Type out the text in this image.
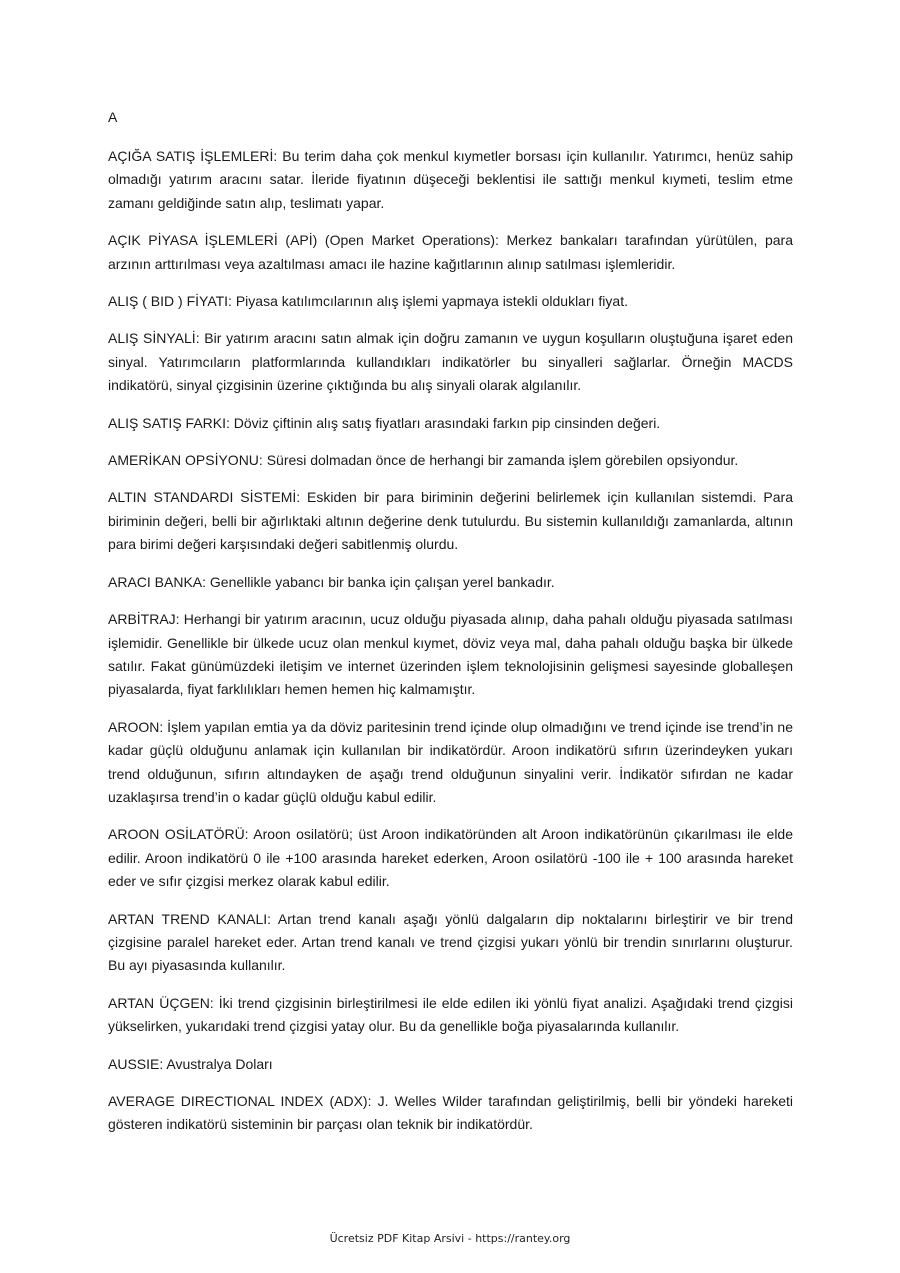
A

AÇIĞA SATIŞ İŞLEMLERİ: Bu terim daha çok menkul kıymetler borsası için kullanılır. Yatırımcı, henüz sahip olmadığı yatırım aracını satar. İleride fiyatının düşeceği beklentisi ile sattığı menkul kıymeti, teslim etme zamanı geldiğinde satın alıp, teslimatı yapar.

AÇIK PİYASA İŞLEMLERİ (APİ) (Open Market Operations): Merkez bankaları tarafından yürütülen, para arzının arttırılması veya azaltılması amacı ile hazine kağıtlarının alınıp satılması işlemleridir.

ALIŞ ( BID ) FİYATI: Piyasa katılımcılarının alış işlemi yapmaya istekli oldukları fiyat.

ALIŞ SİNYALİ: Bir yatırım aracını satın almak için doğru zamanın ve uygun koşulların oluştuğuna işaret eden sinyal. Yatırımcıların platformlarında kullandıkları indikatörler bu sinyalleri sağlarlar. Örneğin MACDS indikatörü, sinyal çizgisinin üzerine çıktığında bu alış sinyali olarak algılanılır.

ALIŞ SATIŞ FARKI: Döviz çiftinin alış satış fiyatları arasındaki farkın pip cinsinden değeri.

AMERİKAN OPSİYONU: Süresi dolmadan önce de herhangi bir zamanda işlem görebilen opsiyondur.

ALTIN STANDARDI SİSTEMİ: Eskiden bir para biriminin değerini belirlemek için kullanılan sistemdi. Para biriminin değeri, belli bir ağırlıktaki altının değerine denk tutulurdu. Bu sistemin kullanıldığı zamanlarda, altının para birimi değeri karşısındaki değeri sabitlenmiş olurdu.

ARACI BANKA: Genellikle yabancı bir banka için çalışan yerel bankadır.

ARBİTRAJ: Herhangi bir yatırım aracının, ucuz olduğu piyasada alınıp, daha pahalı olduğu piyasada satılması işlemidir. Genellikle bir ülkede ucuz olan menkul kıymet, döviz veya mal, daha pahalı olduğu başka bir ülkede satılır. Fakat günümüzdeki iletişim ve internet üzerinden işlem teknolojisinin gelişmesi sayesinde globalleşen piyasalarda, fiyat farklılıkları hemen hemen hiç kalmamıştır.

AROON: İşlem yapılan emtia ya da döviz paritesinin trend içinde olup olmadığını ve trend içinde ise trend’in ne kadar güçlü olduğunu anlamak için kullanılan bir indikatördür. Aroon indikatörü sıfırın üzerindeyken yukarı trend olduğunun, sıfırın altındayken de aşağı trend olduğunun sinyalini verir. İndikatör sıfırdan ne kadar uzaklaşırsa trend’in o kadar güçlü olduğu kabul edilir.

AROON OSİLATÖRÜ: Aroon osilatörü; üst Aroon indikatöründen alt Aroon indikatörünün çıkarılması ile elde edilir. Aroon indikatörü 0 ile +100 arasında hareket ederken, Aroon osilatörü -100 ile + 100 arasında hareket eder ve sıfır çizgisi merkez olarak kabul edilir.

ARTAN TREND KANALI: Artan trend kanalı aşağı yönlü dalgaların dip noktalarını birleştirir ve bir trend çizgisine paralel hareket eder. Artan trend kanalı ve trend çizgisi yukarı yönlü bir trendin sınırlarını oluşturur. Bu ayı piyasasında kullanılır.

ARTAN ÜÇGEN: İki trend çizgisinin birleştirilmesi ile elde edilen iki yönlü fiyat analizi. Aşağıdaki trend çizgisi yükselirken, yukarıdaki trend çizgisi yatay olur. Bu da genellikle boğa piyasalarında kullanılır.

AUSSIE: Avustralya Doları

AVERAGE DIRECTIONAL INDEX (ADX): J. Welles Wilder tarafından geliştirilmiş, belli bir yöndeki hareketi gösteren indikatörü sisteminin bir parçası olan teknik bir indikatördür.

Ücretsiz PDF Kitap Arsivi - https://rantey.org
